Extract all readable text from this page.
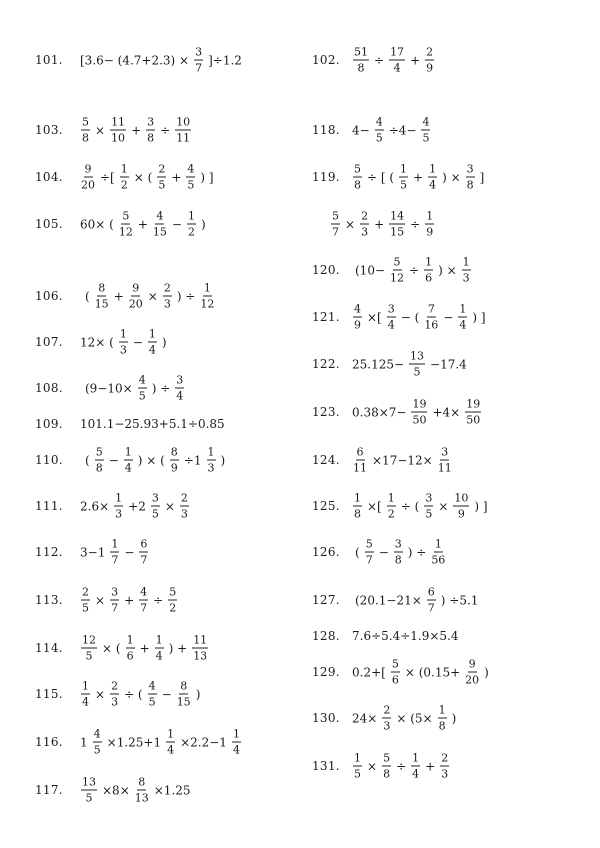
101. $[3.6- (4.7+2.3) \times \frac{3}{7} ]\div 1.2$	102. $\frac{51}{8} \div \frac{17}{4} + \frac{2}{9}$
103. $\frac{5}{8} \times \frac{11}{10} + \frac{3}{8} \div \frac{10}{11}$	118. $4- \frac{4}{5} \div 4- \frac{4}{5}$
104. $\frac{9}{20}$ ÷[ $\frac{1}{2}$ × ( $\frac{2}{5} + \frac{4}{5}$ ) ]	119. $\frac{5}{8}$ ÷ [ ( $\frac{1}{5} + \frac{1}{4}$ ) × $\frac{3}{8}$ ]
105. 60× ( $\frac{5}{12} + \frac{4}{15} - \frac{1}{2}$ )	$\frac{5}{7} \times \frac{2}{3} + \frac{14}{15} \div \frac{1}{9}$
120. ($10- \frac{5}{12} \div \frac{1}{6}$ ) × $\frac{1}{3}$
106. ( $\frac{8}{15} + \frac{9}{20} \times \frac{2}{3}$ ) ÷ $\frac{1}{12}$
121. $\frac{4}{9}$ ×[ $\frac{3}{4}$ − ( $\frac{7}{16} - \frac{1}{4}$ ) ]
107. 12× ( $\frac{1}{3} - \frac{1}{4}$ )
122. $25.125- \frac{13}{5} -17.4$
108. ($9-10\times \frac{4}{5}$ ) ÷ $\frac{3}{4}$
123. $0.38\times 7- \frac{19}{50} +4\times \frac{19}{50}$
109. 101.1−25.93+5.1÷0.85
110. ( $\frac{5}{8} - \frac{1}{4}$ ) × ( $\frac{8}{9} \div 1 \frac{1}{3}$ )	124. $\frac{6}{11} \times 17-12\times \frac{3}{11}$
111. $2.6\times \frac{1}{3} +2 \frac{3}{5} \times \frac{2}{3}$	125. $\frac{1}{8}$ ×[ $\frac{1}{2}$ ÷ ( $\frac{3}{5} \times \frac{10}{9}$ ) ]
112. $3-1 \frac{1}{7} - \frac{6}{7}$	126. ( $\frac{5}{7} - \frac{3}{8}$ ) ÷ $\frac{1}{56}$
113. $\frac{2}{5} \times \frac{3}{7} + \frac{4}{7} \div \frac{5}{2}$	127. ($20.1-21\times \frac{6}{7}$ ) ÷5.1
128. 7.6÷5.4÷1.9×5.4
114. $\frac{12}{5}$ × ( $\frac{1}{6} + \frac{1}{4}$ ) + $\frac{11}{13}$
129. $0.2+[ \frac{5}{6} \times (0.15+ \frac{9}{20}$ )
115. $\frac{1}{4} \times \frac{2}{3}$ ÷ ( $\frac{4}{5} - \frac{8}{15}$ )
130. $24\times \frac{2}{3} \times (5\times \frac{1}{8}$ )
116. $1 \frac{4}{5} \times 1.25+1 \frac{1}{4} \times 2.2-1 \frac{1}{4}$
131. $\frac{1}{5} \times \frac{5}{8} \div \frac{1}{4} + \frac{2}{3}$
117. $\frac{13}{5} \times 8\times \frac{8}{13} \times 1.25$
